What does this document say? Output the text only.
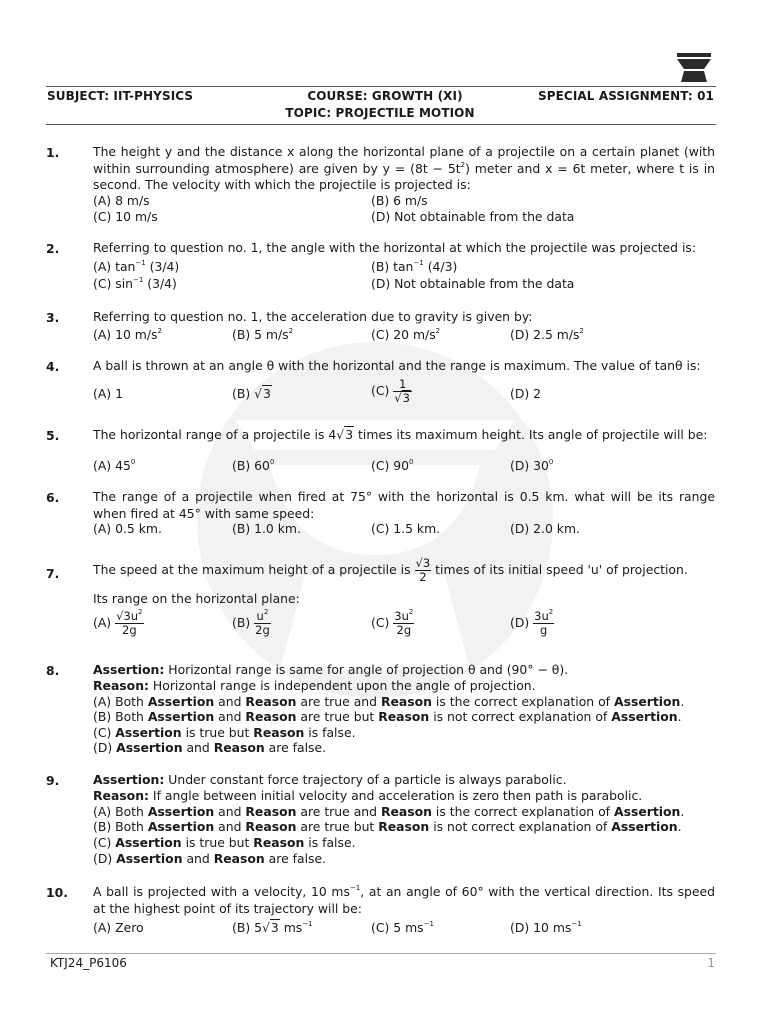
SUBJECT: IIT-PHYSICS	COURSE: GROWTH (XI)	SPECIAL ASSIGNMENT: 01
TOPIC: PROJECTILE MOTION
1.	The height y and the distance x along the horizontal plane of a projectile on a certain planet (with within surrounding atmosphere) are given by $y = (8t - 5t^2)$ meter and x = 6t meter, where t is in second. The velocity with which the projectile is projected is:
(A) 8 m/s	(B) 6 m/s
(C) 10 m/s	(D) Not obtainable from the data
2.	Referring to question no. 1, the angle with the horizontal at which the projectile was projected is:
(A) $\tan^{-1} (3/4)$	(B) $\tan^{-1} (4/3)$
(C) $\sin^{-1} (3/4)$	(D) Not obtainable from the data
3.	Referring to question no. 1, the acceleration due to gravity is given by:
(A) 10 $m/s^2$	(B) 5 $m/s^2$	(C) 20 $m/s^2$	(D) 2.5 $m/s^2$
4.	A ball is thrown at an angle θ with the horizontal and the range is maximum. The value of tanθ is:
(A) 1	(B) √3	$(C) \frac{1}{√3}$	(D) 2
5.	The horizontal range of a projectile is 4√3 times its maximum height. Its angle of projectile will be:
(A) $45^0$	(B) $60^0$	(C) $90^0$	(D) $30^0$
6.	The range of a projectile when fired at 75° with the horizontal is 0.5 km. what will be its range when fired at 45° with same speed:
(A) 0.5 km.	(B) 1.0 km.	(C) 1.5 km.	(D) 2.0 km.
7.	The speed at the maximum height of a projectile is $\frac{√3}{2}$ times of its initial speed 'u' of projection.
Its range on the horizontal plane:
$(A) \frac{√3u^2}{2g}$	$(B) \frac{u^2}{2g}$	$(C) \frac{3u^2}{2g}$	$(D) \frac{3u^2}{g}$
8.	Assertion: Horizontal range is same for angle of projection θ and (90° − θ).
Reason: Horizontal range is independent upon the angle of projection.
(A) Both Assertion and Reason are true and Reason is the correct explanation of Assertion.
(B) Both Assertion and Reason are true but Reason is not correct explanation of Assertion.
(C) Assertion is true but Reason is false.
(D) Assertion and Reason are false.
9.	Assertion: Under constant force trajectory of a particle is always parabolic.
Reason: If angle between initial velocity and acceleration is zero then path is parabolic.
(A) Both Assertion and Reason are true and Reason is the correct explanation of Assertion.
(B) Both Assertion and Reason are true but Reason is not correct explanation of Assertion.
(C) Assertion is true but Reason is false.
(D) Assertion and Reason are false.
10. A ball is projected with a velocity, 10 $ms^{-1}$, at an angle of 60° with the vertical direction. Its speed at the highest point of its trajectory will be:
(A) Zero	(B) 5√3 $ms^{-1}$	(C) 5 $ms^{-1}$	(D) 10 $ms^{-1}$
KTJ24_P6106	1
